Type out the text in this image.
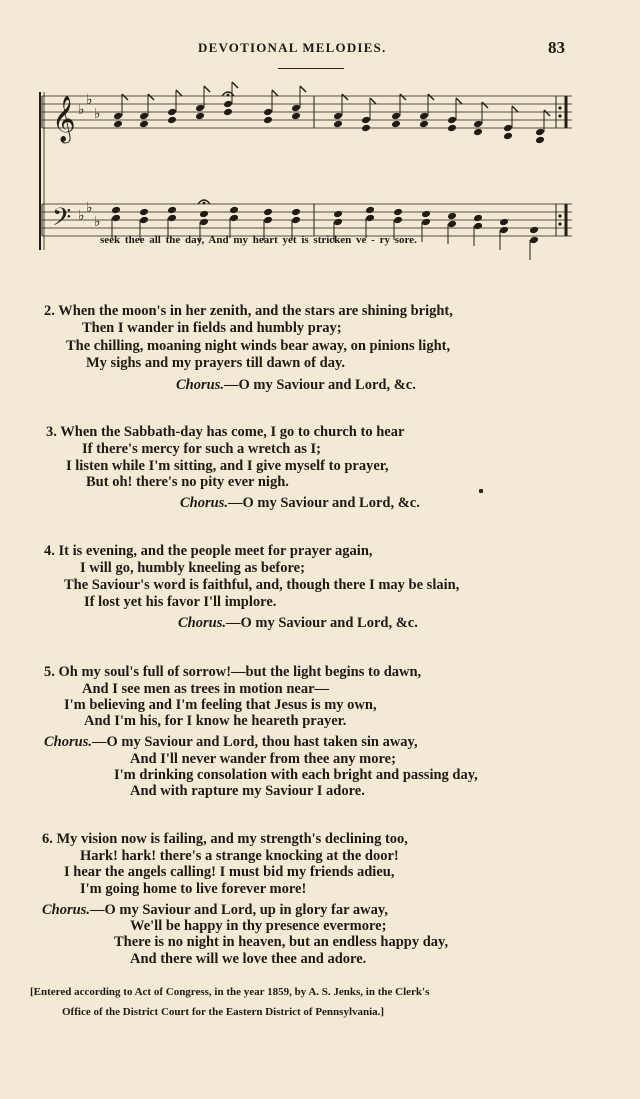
DEVOTIONAL MELODIES.	83
𝄞
𝄢
♭
♭
♭
♭ ♭
♭
seek thee all the day, And my heart yet is stricken ve - ry sore.
2. When the moon's in her zenith, and the stars are shining bright,
Then I wander in fields and humbly pray;
The chilling, moaning night winds bear away, on pinions light,
My sighs and my prayers till dawn of day.
Chorus.—O my Saviour and Lord, &c.
3. When the Sabbath-day has come, I go to church to hear
If there's mercy for such a wretch as I;
I listen while I'm sitting, and I give myself to prayer,
But oh! there's no pity ever nigh.
Chorus.—O my Saviour and Lord, &c.
4. It is evening, and the people meet for prayer again,
I will go, humbly kneeling as before;
The Saviour's word is faithful, and, though there I may be slain,
If lost yet his favor I'll implore.
Chorus.—O my Saviour and Lord, &c.
5. Oh my soul's full of sorrow!—but the light begins to dawn,
And I see men as trees in motion near—
I'm believing and I'm feeling that Jesus is my own,
And I'm his, for I know he heareth prayer.
Chorus.—O my Saviour and Lord, thou hast taken sin away,
And I'll never wander from thee any more;
I'm drinking consolation with each bright and passing day,
And with rapture my Saviour I adore.
6. My vision now is failing, and my strength's declining too,
Hark! hark! there's a strange knocking at the door!
I hear the angels calling! I must bid my friends adieu,
I'm going home to live forever more!
Chorus.—O my Saviour and Lord, up in glory far away,
We'll be happy in thy presence evermore;
There is no night in heaven, but an endless happy day,
And there will we love thee and adore.
[Entered according to Act of Congress, in the year 1859, by A. S. Jenks, in the Clerk's
Office of the District Court for the Eastern District of Pennsylvania.]
